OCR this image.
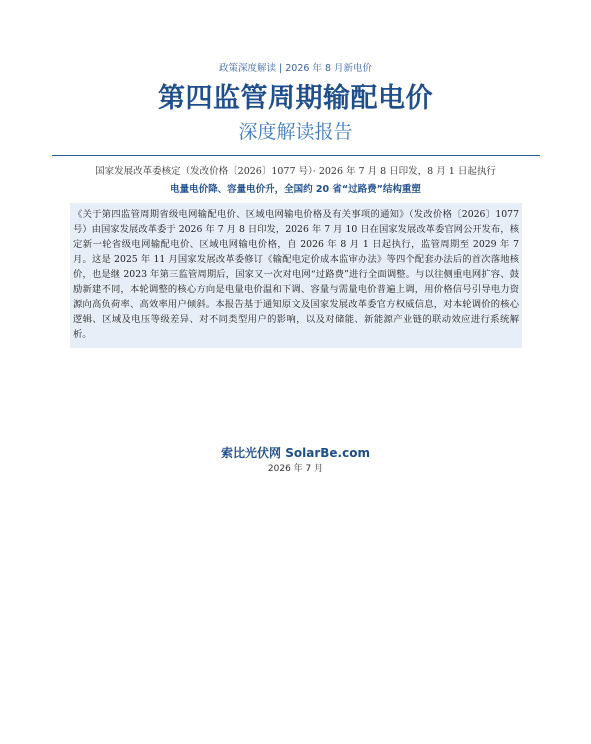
政策深度解读 | 2026 年 8 月新电价
第四监管周期输配电价
深度解读报告
国家发展改革委核定（发改价格〔2026〕1077 号）· 2026 年 7 月 8 日印发，8 月 1 日起执行
电量电价降、容量电价升，全国约 20 省“过路费”结构重塑

《关于第四监管周期省级电网输配电价、区域电网输电价格及有关事项的通知》（发改价格〔2026〕1077 号）由国家发展改革委于 2026 年 7 月 8 日印发，2026 年 7 月 10 日在国家发展改革委官网公开发布，核定新一轮省级电网输配电价、区域电网输电价格，自 2026 年 8 月 1 日起执行，监管周期至 2029 年 7 月。这是 2025 年 11 月国家发展改革委修订《输配电定价成本监审办法》等四个配套办法后的首次落地核价，也是继 2023 年第三监管周期后，国家又一次对电网“过路费”进行全面调整。与以往侧重电网扩容、鼓励新建不同，本轮调整的核心方向是电量电价温和下调、容量与需量电价普遍上调，用价格信号引导电力资源向高负荷率、高效率用户倾斜。本报告基于通知原文及国家发展改革委官方权威信息，对本轮调价的核心逻辑、区域及电压等级差异、对不同类型用户的影响，以及对储能、新能源产业链的联动效应进行系统解析。

索比光伏网 SolarBe.com
2026 年 7 月
